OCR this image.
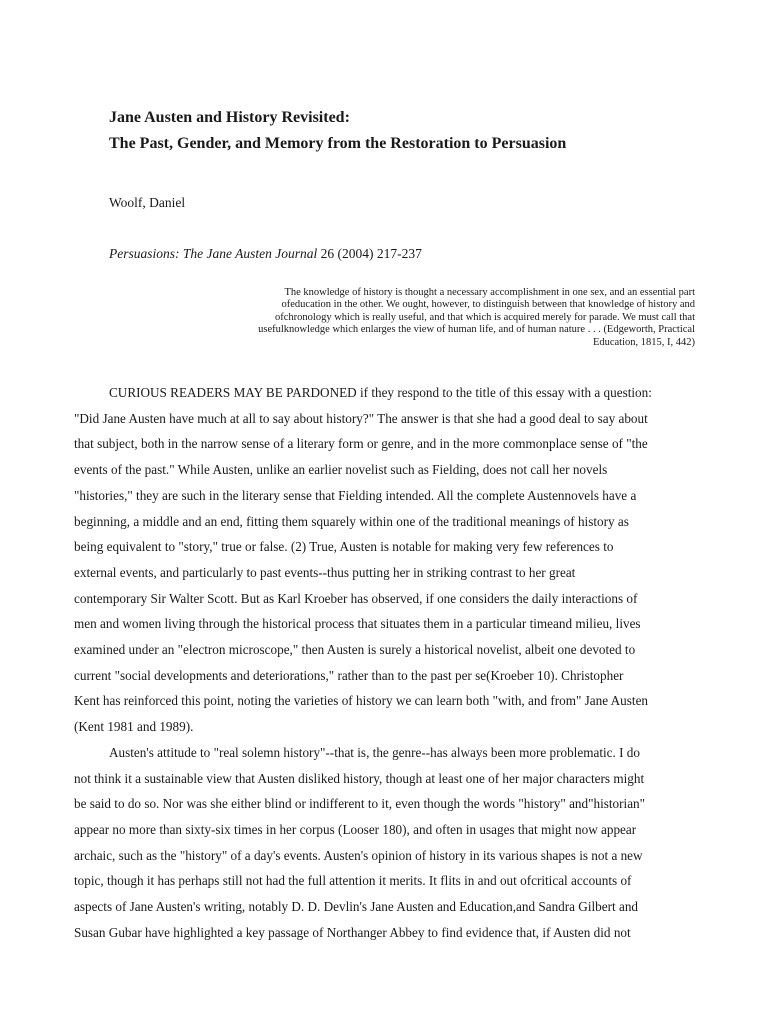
Jane Austen and History Revisited:
The Past, Gender, and Memory from the Restoration to Persuasion
Woolf, Daniel
Persuasions: The Jane Austen Journal 26 (2004) 217-237
The knowledge of history is thought a necessary accomplishment in one sex, and an essential part
ofeducation in the other. We ought, however, to distinguish between that knowledge of history and
ofchronology which is really useful, and that which is acquired merely for parade. We must call that
usefulknowledge which enlarges the view of human life, and of human nature . . . (Edgeworth, Practical
Education, 1815, I, 442)
CURIOUS READERS MAY BE PARDONED if they respond to the title of this essay with a question:
"Did Jane Austen have much at all to say about history?" The answer is that she had a good deal to say about
that subject, both in the narrow sense of a literary form or genre, and in the more commonplace sense of "the
events of the past." While Austen, unlike an earlier novelist such as Fielding, does not call her novels
"histories," they are such in the literary sense that Fielding intended. All the complete Austennovels have a
beginning, a middle and an end, fitting them squarely within one of the traditional meanings of history as
being equivalent to "story," true or false. (2) True, Austen is notable for making very few references to
external events, and particularly to past events--thus putting her in striking contrast to her great
contemporary Sir Walter Scott. But as Karl Kroeber has observed, if one considers the daily interactions of
men and women living through the historical process that situates them in a particular timeand milieu, lives
examined under an "electron microscope," then Austen is surely a historical novelist, albeit one devoted to
current "social developments and deteriorations," rather than to the past per se(Kroeber 10). Christopher
Kent has reinforced this point, noting the varieties of history we can learn both "with, and from" Jane Austen
(Kent 1981 and 1989).
Austen's attitude to "real solemn history"--that is, the genre--has always been more problematic. I do
not think it a sustainable view that Austen disliked history, though at least one of her major characters might
be said to do so. Nor was she either blind or indifferent to it, even though the words "history" and"historian"
appear no more than sixty-six times in her corpus (Looser 180), and often in usages that might now appear
archaic, such as the "history" of a day's events. Austen's opinion of history in its various shapes is not a new
topic, though it has perhaps still not had the full attention it merits. It flits in and out ofcritical accounts of
aspects of Jane Austen's writing, notably D. D. Devlin's Jane Austen and Education,and Sandra Gilbert and
Susan Gubar have highlighted a key passage of Northanger Abbey to find evidence that, if Austen did not
